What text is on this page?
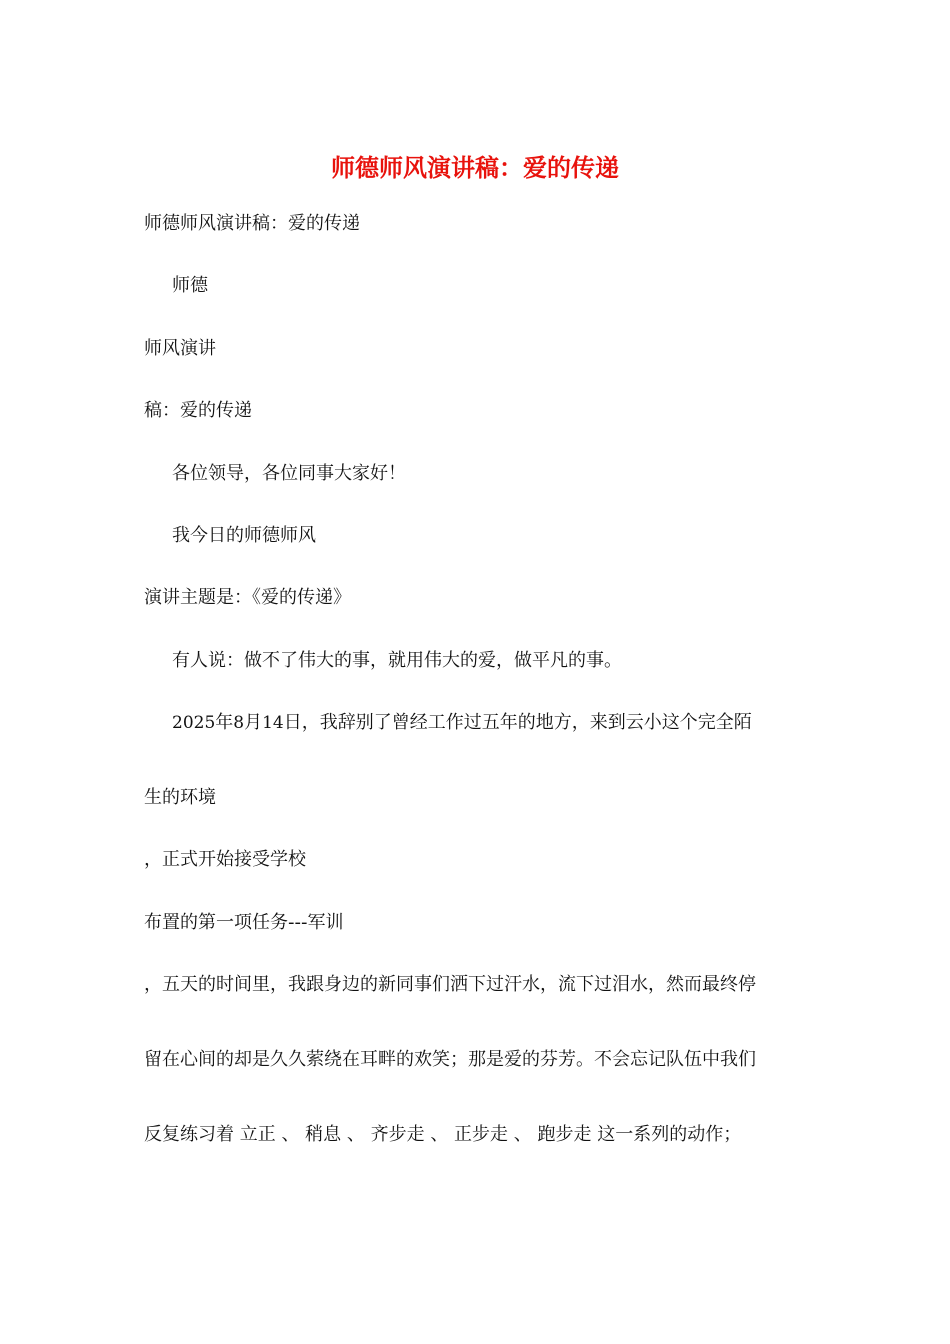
师德师风演讲稿：爱的传递

师德师风演讲稿：爱的传递

师德

师风演讲

稿：爱的传递

各位领导，各位同事大家好！

我今日的师德师风

演讲主题是：《爱的传递》

有人说：做不了伟大的事，就用伟大的爱，做平凡的事。

2025年8月14日，我辞别了曾经工作过五年的地方，来到云小这个完全陌

生的环境

，正式开始接受学校

布置的第一项任务---军训

，五天的时间里，我跟身边的新同事们洒下过汗水，流下过泪水，然而最终停

留在心间的却是久久萦绕在耳畔的欢笑；那是爱的芬芳。不会忘记队伍中我们

反复练习着 立正 、 稍息 、 齐步走 、 正步走 、 跑步走 这一系列的动作；
